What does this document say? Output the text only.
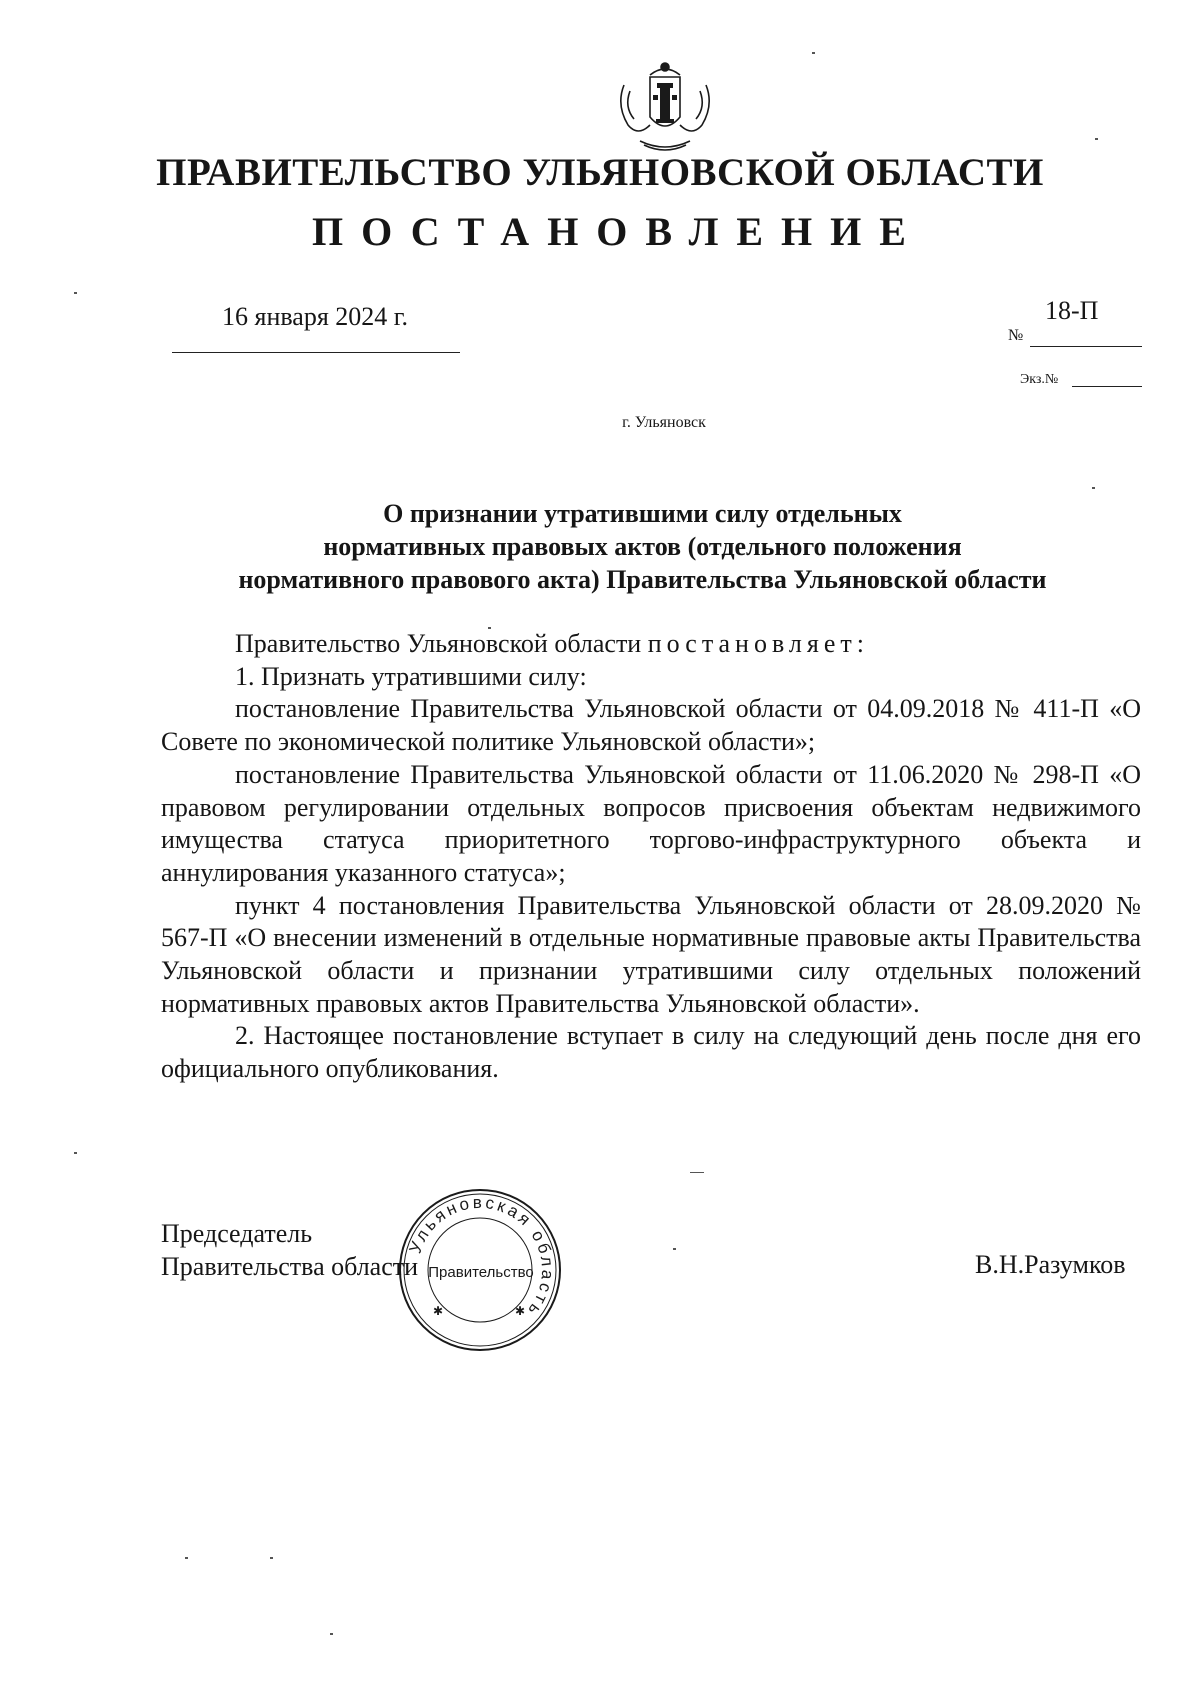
ПРАВИТЕЛЬСТВО УЛЬЯНОВСКОЙ ОБЛАСТИ
ПОСТАНОВЛЕНИЕ
16 января 2024 г.	18-П
№
Экз.№
г. Ульяновск
О признании утратившими силу отдельных
нормативных правовых актов (отдельного положения
нормативного правового акта) Правительства Ульяновской области

Правительство Ульяновской области постановляет:

1. Признать утратившими силу:

постановление Правительства Ульяновской области от 04.09.2018 № 411-П «О Совете по экономической политике Ульяновской области»;

постановление Правительства Ульяновской области от 11.06.2020 № 298-П «О правовом регулировании отдельных вопросов присвоения объектам недвижимого имущества статуса приоритетного торгово-инфраструктурного объекта и аннулирования указанного статуса»;

пункт 4 постановления Правительства Ульяновской области от 28.09.2020 № 567-П «О внесении изменений в отдельные нормативные правовые акты Правительства Ульяновской области и признании утратившими силу отдельных положений нормативных правовых актов Правительства Ульяновской области».

2. Настоящее постановление вступает в силу на следующий день после дня его официального опубликования.

Председатель
Правительства области	В.Н.Разумков
Ульяновская область
Правительство
✱	✱
